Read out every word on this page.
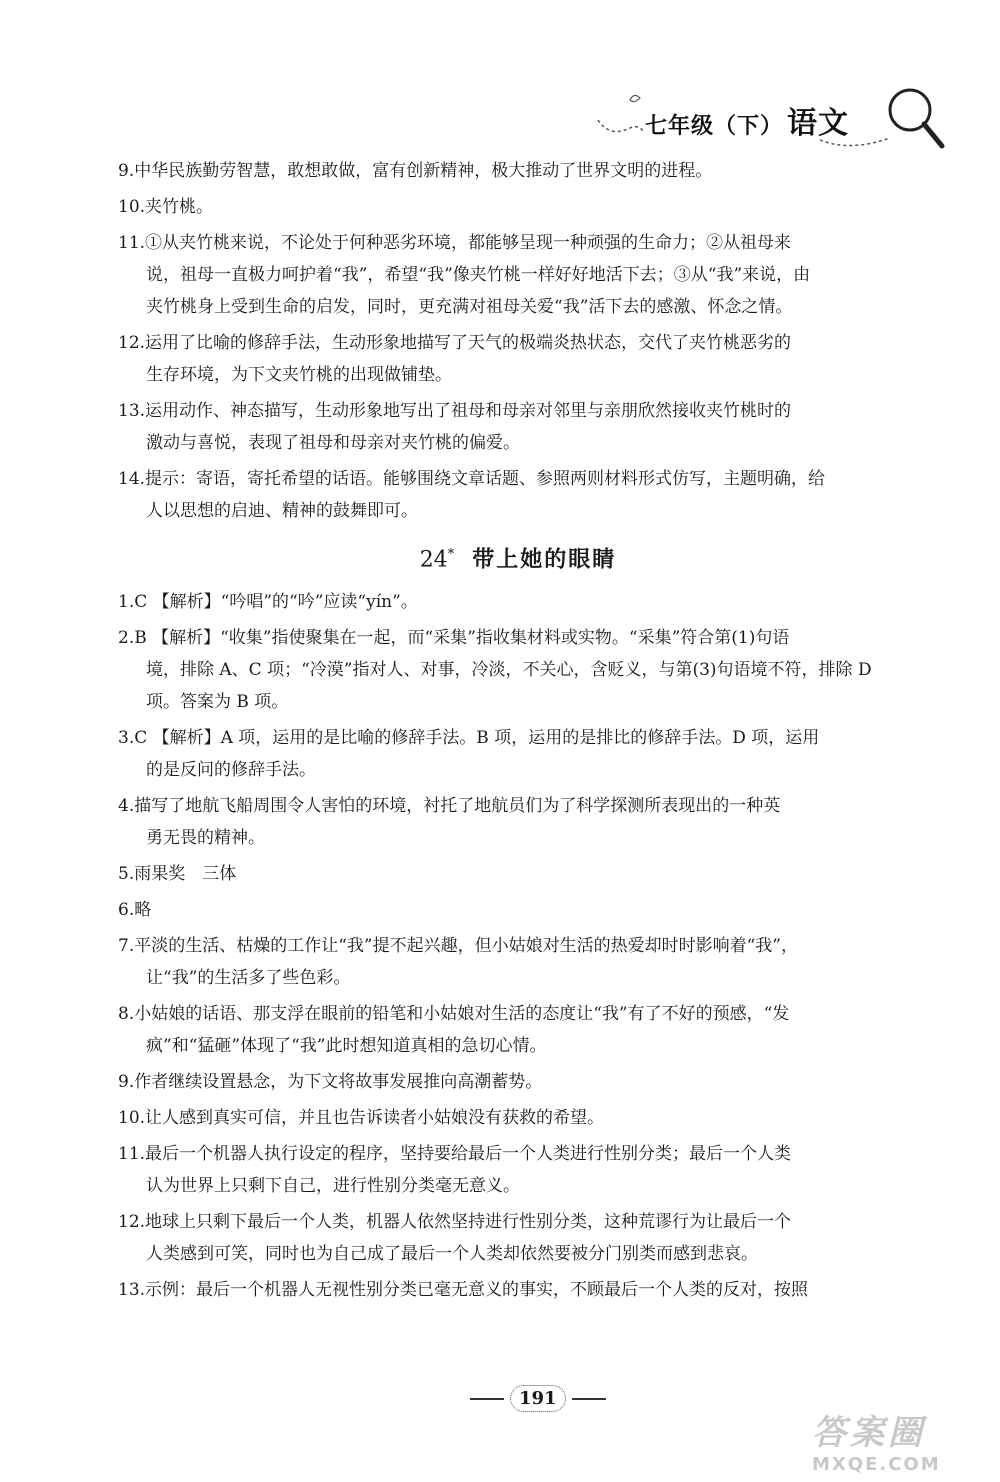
七年级（下） 语文
9.中华民族勤劳智慧，敢想敢做，富有创新精神，极大推动了世界文明的进程。
10.夹竹桃。
11.①从夹竹桃来说，不论处于何种恶劣环境，都能够呈现一种顽强的生命力；②从祖母来
说，祖母一直极力呵护着“我”，希望“我”像夹竹桃一样好好地活下去；③从“我”来说，由
夹竹桃身上受到生命的启发，同时，更充满对祖母关爱“我”活下去的感激、怀念之情。
12.运用了比喻的修辞手法，生动形象地描写了天气的极端炎热状态，交代了夹竹桃恶劣的
生存环境，为下文夹竹桃的出现做铺垫。
13.运用动作、神态描写，生动形象地写出了祖母和母亲对邻里与亲朋欣然接收夹竹桃时的
激动与喜悦，表现了祖母和母亲对夹竹桃的偏爱。
14.提示：寄语，寄托希望的话语。能够围绕文章话题、参照两则材料形式仿写，主题明确，给
人以思想的启迪、精神的鼓舞即可。
24* 带上她的眼睛
1.C 【解析】“吟唱”的“吟”应读“yín”。
2.B 【解析】“收集”指使聚集在一起，而“采集”指收集材料或实物。“采集”符合第(1)句语
境，排除 A、C 项；“冷漠”指对人、对事，冷淡，不关心，含贬义，与第(3)句语境不符，排除 D
项。答案为 B 项。
3.C 【解析】A 项，运用的是比喻的修辞手法。B 项，运用的是排比的修辞手法。D 项，运用
的是反问的修辞手法。
4.描写了地航飞船周围令人害怕的环境，衬托了地航员们为了科学探测所表现出的一种英
勇无畏的精神。
5.雨果奖　三体
6.略
7.平淡的生活、枯燥的工作让“我”提不起兴趣，但小姑娘对生活的热爱却时时影响着“我”，
让“我”的生活多了些色彩。
8.小姑娘的话语、那支浮在眼前的铅笔和小姑娘对生活的态度让“我”有了不好的预感，“发
疯”和“猛砸”体现了“我”此时想知道真相的急切心情。
9.作者继续设置悬念，为下文将故事发展推向高潮蓄势。
10.让人感到真实可信，并且也告诉读者小姑娘没有获救的希望。
11.最后一个机器人执行设定的程序，坚持要给最后一个人类进行性别分类；最后一个人类
认为世界上只剩下自己，进行性别分类毫无意义。
12.地球上只剩下最后一个人类，机器人依然坚持进行性别分类，这种荒谬行为让最后一个
人类感到可笑，同时也为自己成了最后一个人类却依然要被分门别类而感到悲哀。
13.示例：最后一个机器人无视性别分类已毫无意义的事实，不顾最后一个人类的反对，按照
191
答案圈
MXQE.COM
